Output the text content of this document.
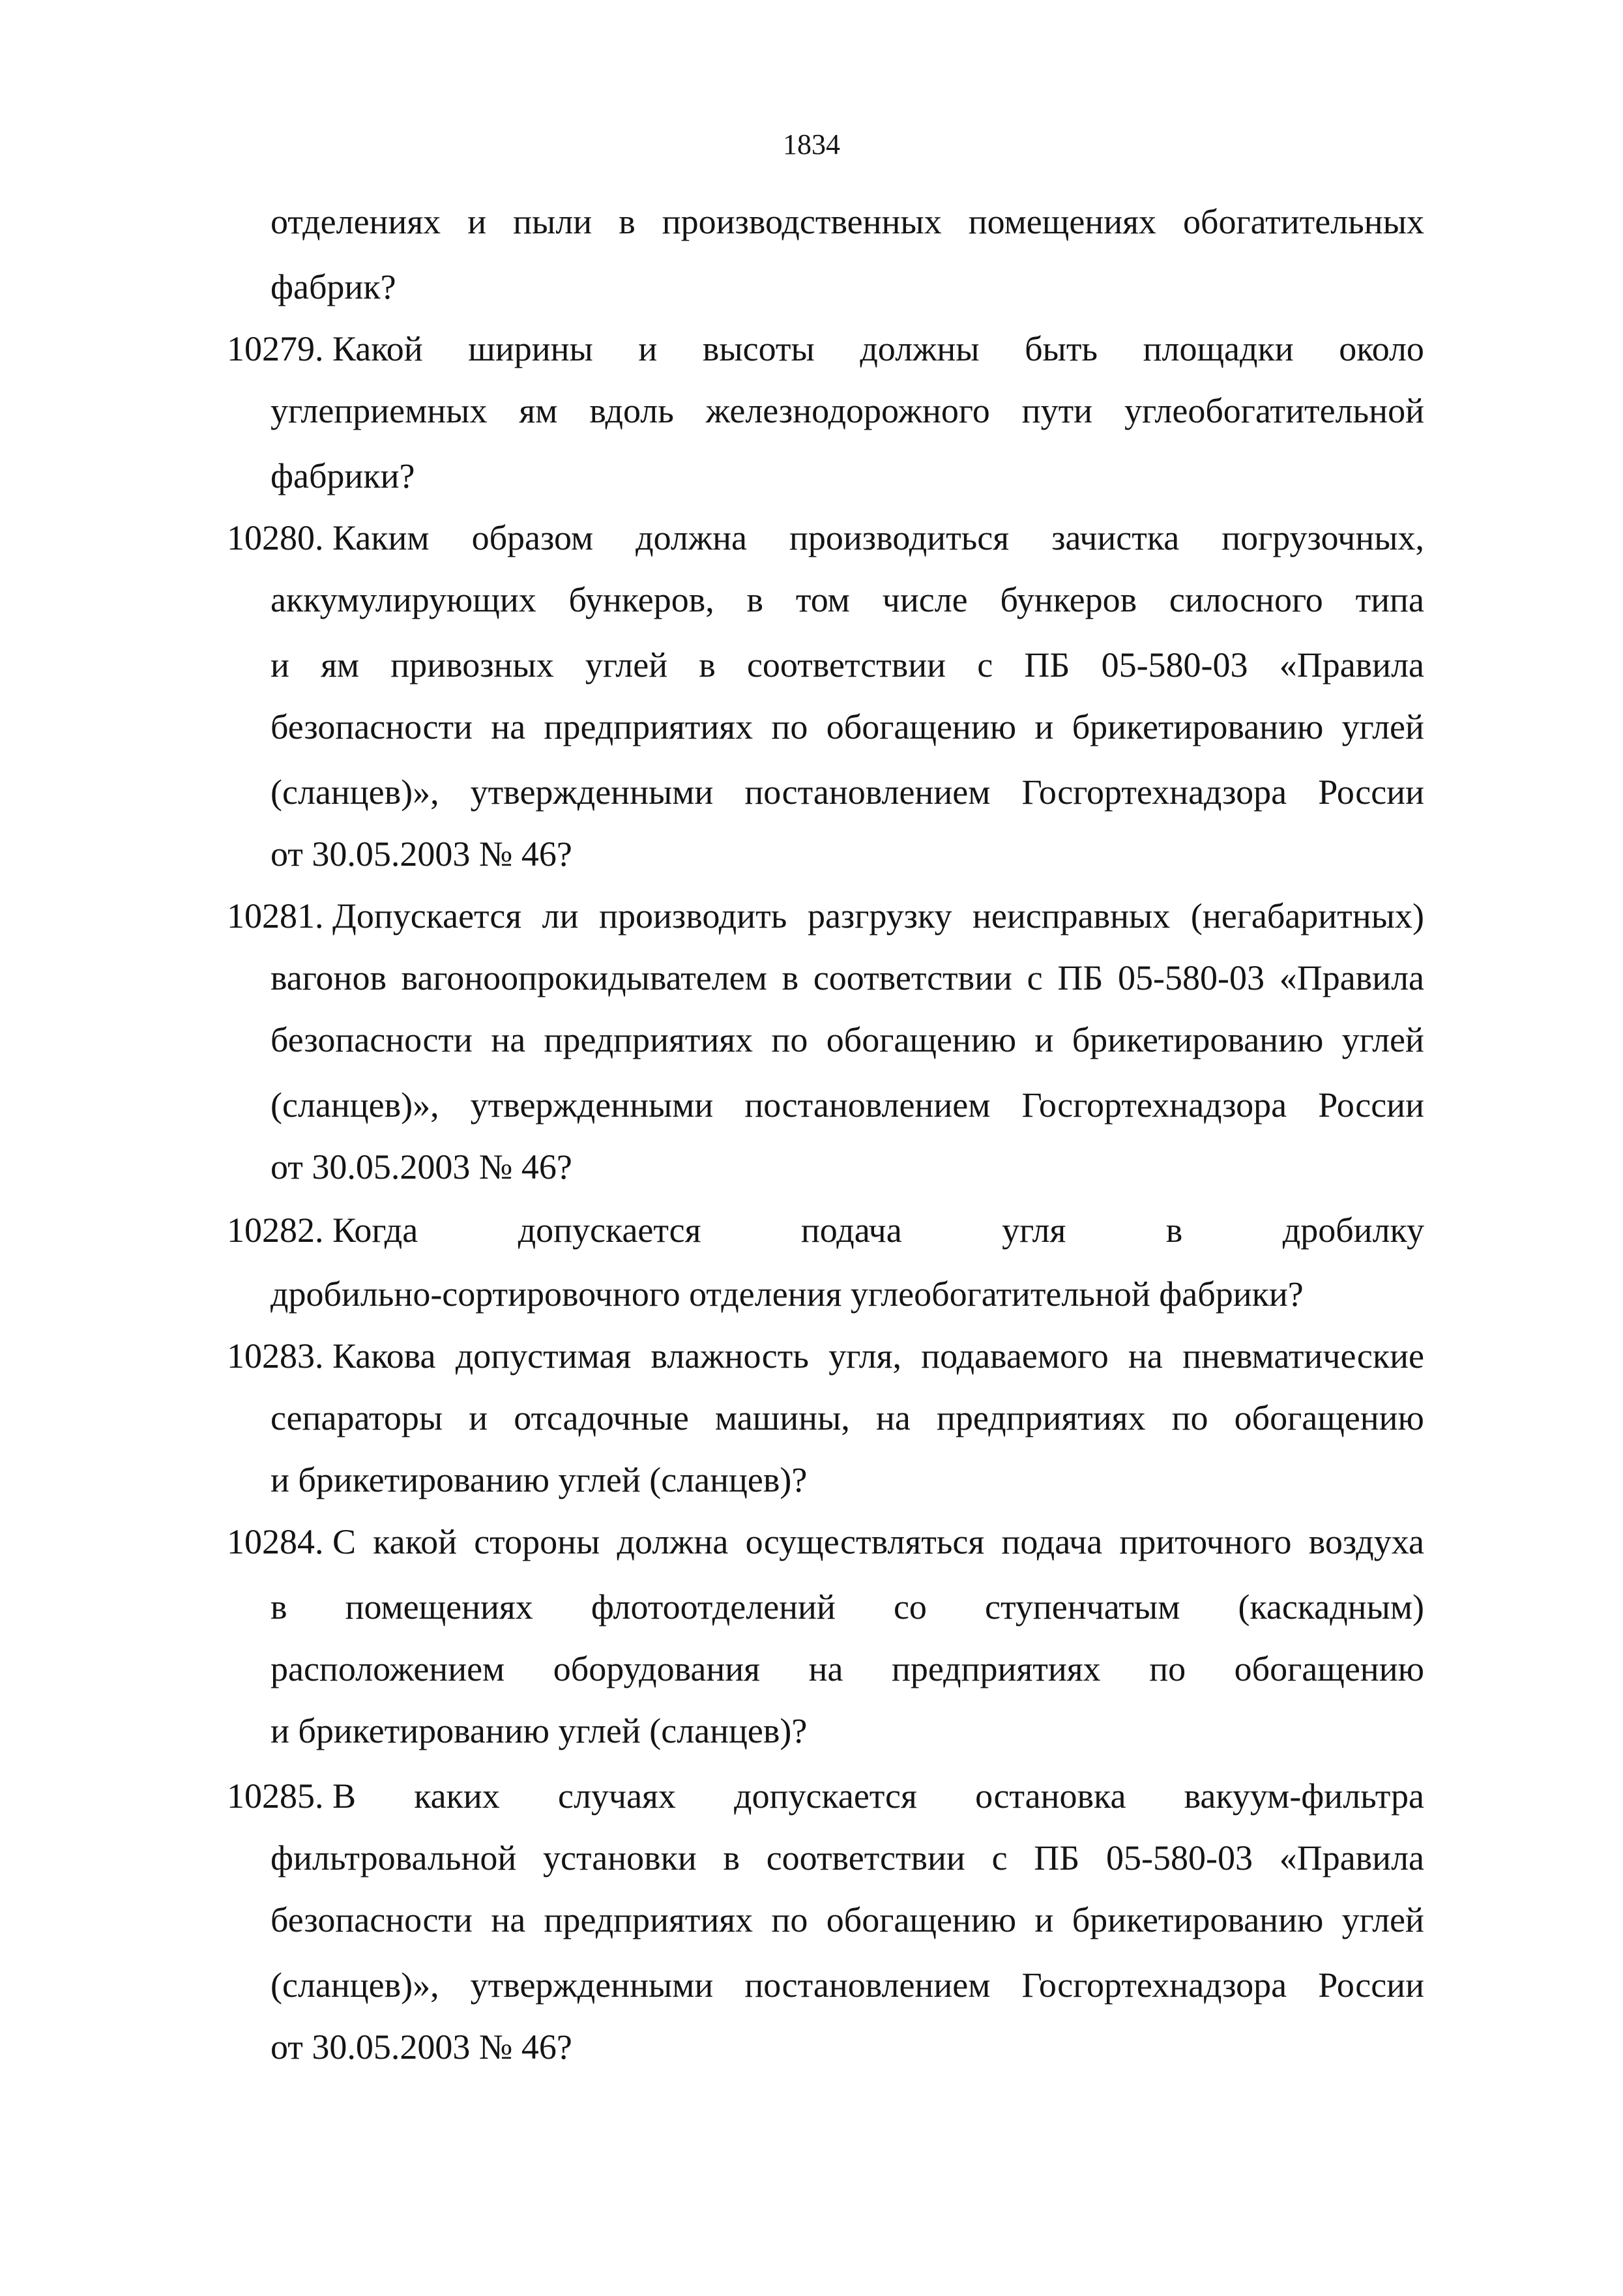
1834
отделениях и пыли в производственных помещениях обогатительных
фабрик?
10279. Какой ширины и высоты должны быть площадки около
углеприемных ям вдоль железнодорожного пути углеобогатительной
фабрики?
10280. Каким образом должна производиться зачистка погрузочных,
аккумулирующих бункеров, в том числе бункеров силосного типа
и ям привозных углей в соответствии с ПБ 05-580-03 «Правила
безопасности на предприятиях по обогащению и брикетированию углей
(сланцев)», утвержденными постановлением Госгортехнадзора России
от 30.05.2003 № 46?
10281. Допускается ли производить разгрузку неисправных (негабаритных)
вагонов вагоноопрокидывателем в соответствии с ПБ 05-580-03 «Правила
безопасности на предприятиях по обогащению и брикетированию углей
(сланцев)», утвержденными постановлением Госгортехнадзора России
от 30.05.2003 № 46?
10282. Когда	допускается	подача	угля	в	дробилку
дробильно-сортировочного отделения углеобогатительной фабрики?
10283. Какова допустимая влажность угля, подаваемого на пневматические
сепараторы и отсадочные машины, на предприятиях по обогащению
и брикетированию углей (сланцев)?
10284. С какой стороны должна осуществляться подача приточного воздуха
в помещениях флотоотделений со ступенчатым (каскадным)
расположением оборудования на предприятиях по обогащению
и брикетированию углей (сланцев)?
10285. В каких случаях допускается остановка вакуум-фильтра
фильтровальной установки в соответствии с ПБ 05-580-03 «Правила
безопасности на предприятиях по обогащению и брикетированию углей
(сланцев)», утвержденными постановлением Госгортехнадзора России
от 30.05.2003 № 46?
